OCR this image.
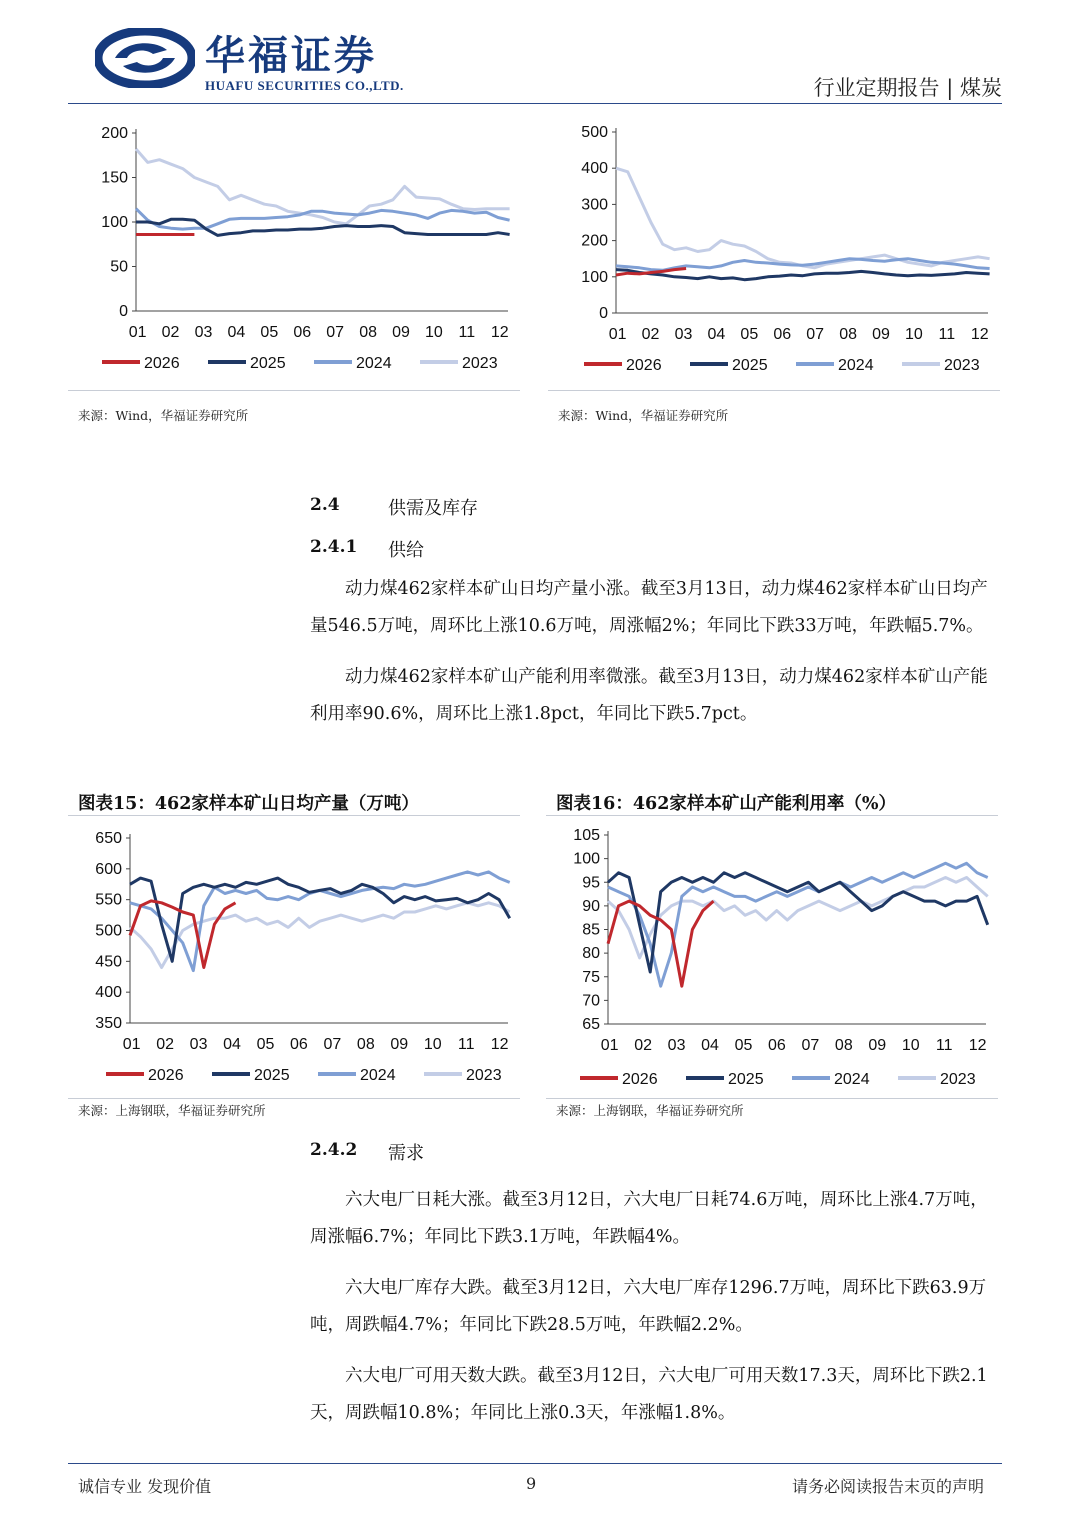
华福证券
HUAFU SECURITIES CO.,LTD.	行业定期报告 | 煤炭
0
50
100
150
200
01 02 03 04 05 06 07 08 09 10 11 12
2026	2025	2024	2023
来源：Wind，华福证券研究所
0
100
200
300
400
500
01 02 03 04 05 06 07 08 09 10 11 12
2026	2025	2024	2023
来源：Wind，华福证券研究所
2.4	供需及库存
2.4.1 供给

动力煤462家样本矿山日均产量小涨。截至3月13日，动力煤462家样本矿山日均产量546.5万吨，周环比上涨10.6万吨，周涨幅2%；年同比下跌33万吨，年跌幅5.7%。

动力煤462家样本矿山产能利用率微涨。截至3月13日，动力煤462家样本矿山产能利用率90.6%，周环比上涨1.8pct，年同比下跌5.7pct。

图表15：462家样本矿山日均产量（万吨）
350
400
450
500
550
600
650
01 02 03 04 05 06 07 08 09 10 11 12
2026	2025	2024	2023
来源：上海钢联，华福证券研究所
图表16：462家样本矿山产能利用率（%）
65
70
75
80
85
90
95
100
105
01 02 03 04 05 06 07 08 09 10 11 12
2026	2025	2024	2023
来源：上海钢联，华福证券研究所
2.4.2 需求

六大电厂日耗大涨。截至3月12日，六大电厂日耗74.6万吨，周环比上涨4.7万吨，周涨幅6.7%；年同比下跌3.1万吨，年跌幅4%。

六大电厂库存大跌。截至3月12日，六大电厂库存1296.7万吨，周环比下跌63.9万吨，周跌幅4.7%；年同比下跌28.5万吨，年跌幅2.2%。

六大电厂可用天数大跌。截至3月12日，六大电厂可用天数17.3天，周环比下跌2.1天，周跌幅10.8%；年同比上涨0.3天，年涨幅1.8%。

诚信专业 发现价值	9	请务必阅读报告末页的声明
